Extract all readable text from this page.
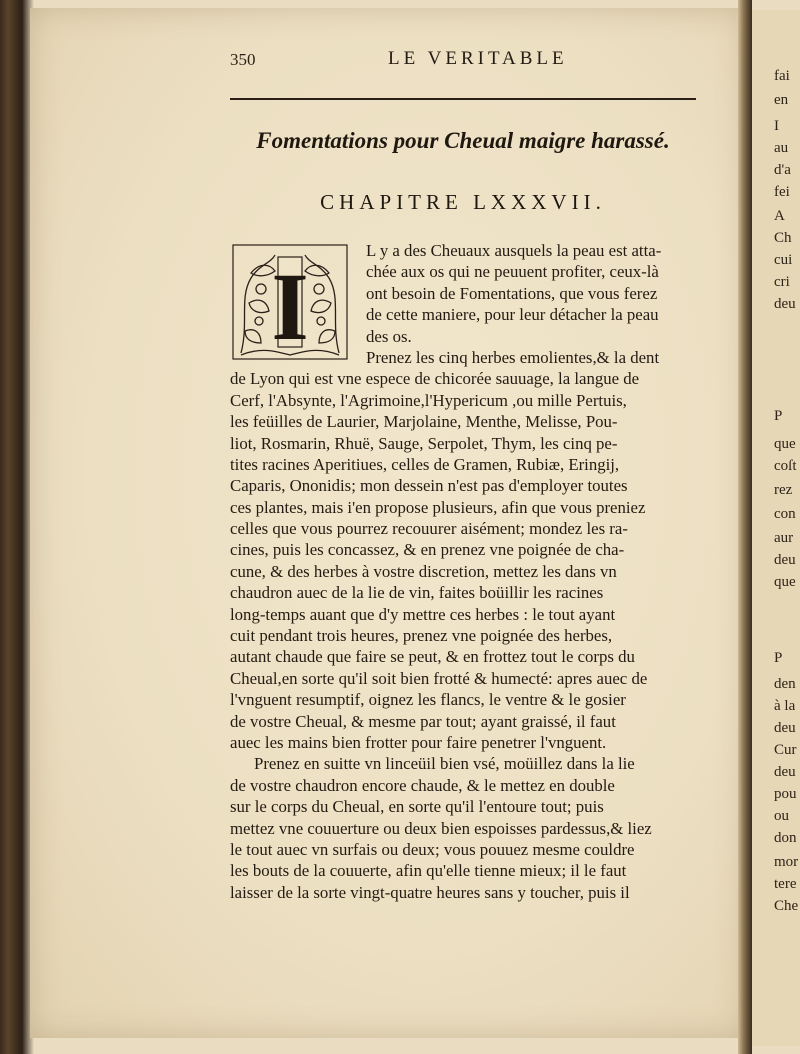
350	LE VERITABLE
Fomentations pour Cheual maigre harassé.
CHAPITRE LXXXVII.
I
L y a des Cheuaux ausquels la peau est atta-
chée aux os qui ne peuuent profiter, ceux-là
ont besoin de Fomentations, que vous ferez
de cette maniere, pour leur détacher la peau
des os.
Prenez les cinq herbes emolientes,& la dent
de Lyon qui est vne espece de chicorée sauuage, la langue de
Cerf, l'Absynte, l'Agrimoine,l'Hypericum ,ou mille Pertuis,
les feüilles de Laurier, Marjolaine, Menthe, Melisse, Pou-
liot, Rosmarin, Rhuë, Sauge, Serpolet, Thym, les cinq pe-
tites racines Aperitiues, celles de Gramen, Rubiæ, Eringij,
Caparis, Ononidis; mon dessein n'est pas d'employer toutes
ces plantes, mais i'en propose plusieurs, afin que vous preniez
celles que vous pourrez recouurer aisément; mondez les ra-
cines, puis les concassez, & en prenez vne poignée de cha-
cune, & des herbes à vostre discretion, mettez les dans vn
chaudron auec de la lie de vin, faites boüillir les racines
long-temps auant que d'y mettre ces herbes : le tout ayant
cuit pendant trois heures, prenez vne poignée des herbes,
autant chaude que faire se peut, & en frottez tout le corps du
Cheual,en sorte qu'il soit bien frotté & humecté: apres auec de
l'vnguent resumptif, oignez les flancs, le ventre & le gosier
de vostre Cheual, & mesme par tout; ayant graissé, il faut
auec les mains bien frotter pour faire penetrer l'vnguent.
Prenez en suitte vn linceüil bien vsé, moüillez dans la lie
de vostre chaudron encore chaude, & le mettez en double
sur le corps du Cheual, en sorte qu'il l'entoure tout; puis
mettez vne couuerture ou deux bien espoisses pardessus,& liez
le tout auec vn surfais ou deux; vous pouuez mesme couldre
les bouts de la couuerte, afin qu'elle tienne mieux; il le faut
laisser de la sorte vingt-quatre heures sans y toucher, puis il
fai
en
I
au
d'a
fei
A
Ch
cui
cri
deu
P
que
coſt
rez
con
aur
deu
que
P
den
à la
deu
Cur
deu
pou
ou
don
mor
tere
Che
